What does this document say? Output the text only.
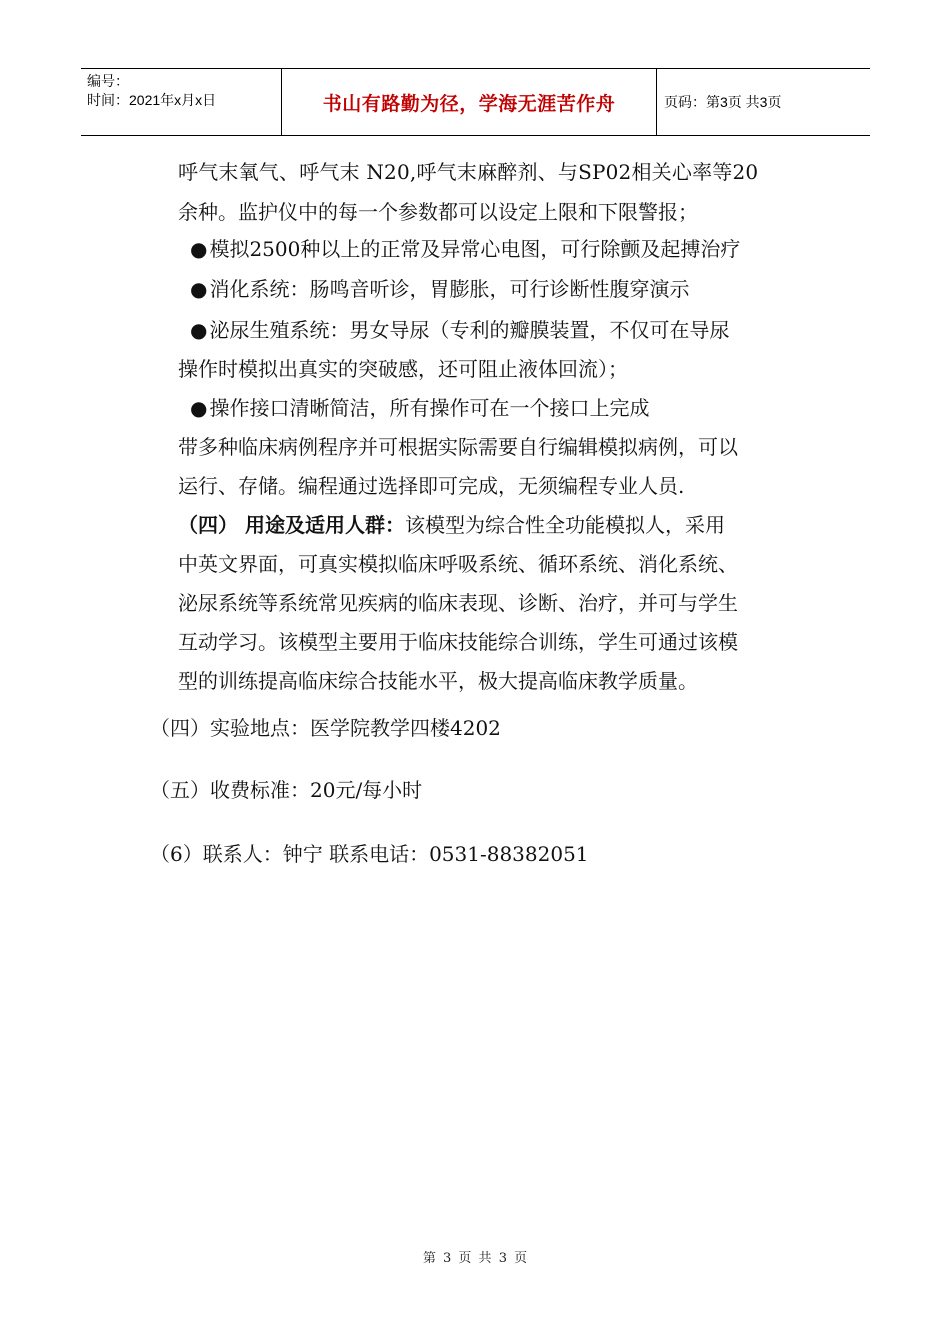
编号：
时间：2021年x月x日	书山有路勤为径，学海无涯苦作舟	页码：第3页 共3页
呼气末氧气、呼气末 N20,呼气末麻醉剂、与SP02相关心率等20
余种。监护仪中的每一个参数都可以设定上限和下限警报；
● 模拟2500种以上的正常及异常心电图，可行除颤及起搏治疗
● 消化系统：肠鸣音听诊，胃膨胀，可行诊断性腹穿演示
● 泌尿生殖系统：男女导尿（专利的瓣膜装置，不仅可在导尿
操作时模拟出真实的突破感，还可阻止液体回流）；
● 操作接口清晰简洁，所有操作可在一个接口上完成
带多种临床病例程序并可根据实际需要自行编辑模拟病例，可以
运行、存储。编程通过选择即可完成，无须编程专业人员.
（四） 用途及适用人群：该模型为综合性全功能模拟人，采用
中英文界面，可真实模拟临床呼吸系统、循环系统、消化系统、
泌尿系统等系统常见疾病的临床表现、诊断、治疗，并可与学生
互动学习。该模型主要用于临床技能综合训练，学生可通过该模
型的训练提高临床综合技能水平，极大提高临床教学质量。
（四）实验地点：医学院教学四楼4202
（五）收费标准：20元/每小时
（6）联系人：钟宁 联系电话：0531-88382051
第 3 页 共 3 页
